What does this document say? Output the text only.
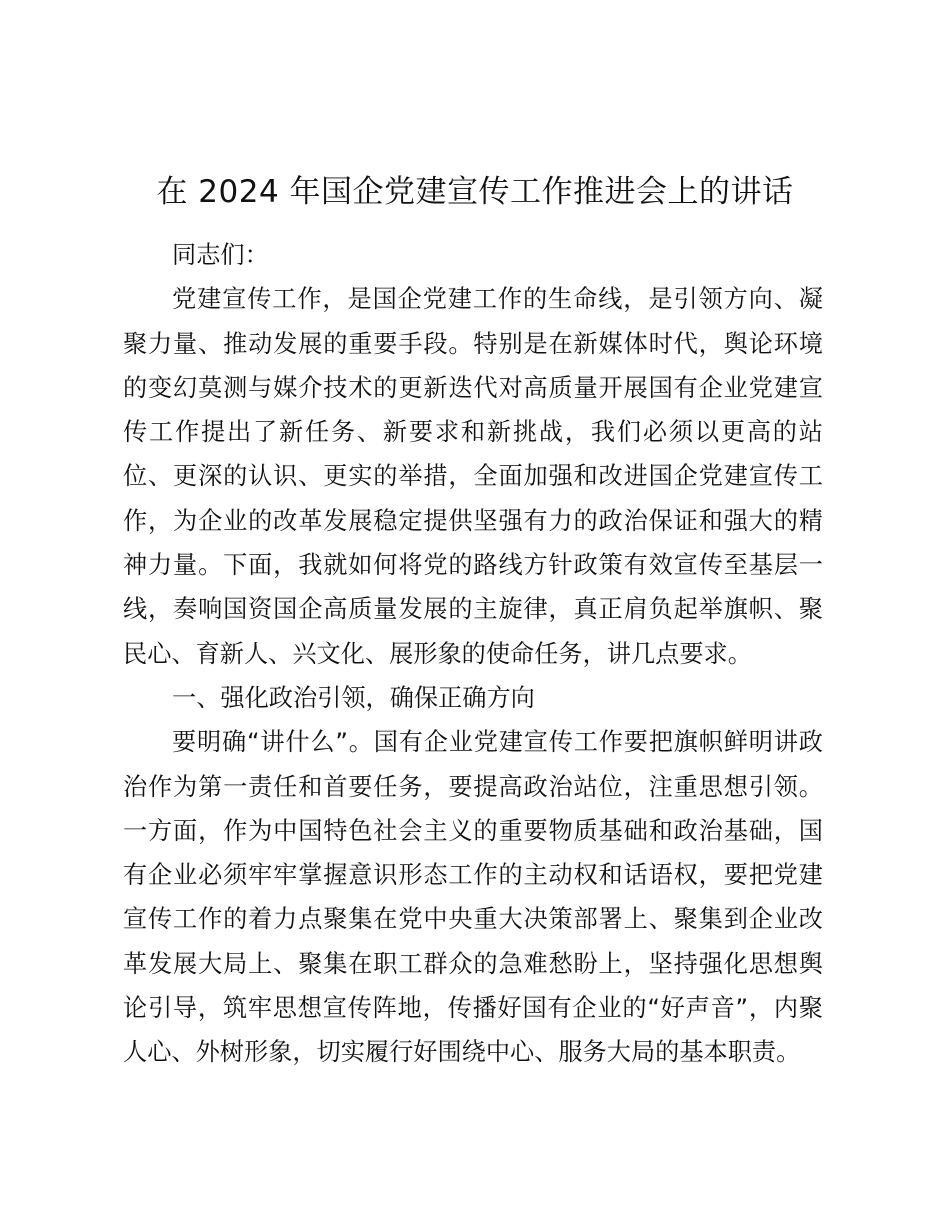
在 2024 年国企党建宣传工作推进会上的讲话
同志们：
党建宣传工作，是国企党建工作的生命线，是引领方向、凝
聚力量、推动发展的重要手段。特别是在新媒体时代，舆论环境
的变幻莫测与媒介技术的更新迭代对高质量开展国有企业党建宣
传工作提出了新任务、新要求和新挑战，我们必须以更高的站
位、更深的认识、更实的举措，全面加强和改进国企党建宣传工
作，为企业的改革发展稳定提供坚强有力的政治保证和强大的精
神力量。下面，我就如何将党的路线方针政策有效宣传至基层一
线，奏响国资国企高质量发展的主旋律，真正肩负起举旗帜、聚
民心、育新人、兴文化、展形象的使命任务，讲几点要求。
一、强化政治引领，确保正确方向
要明确“讲什么”。国有企业党建宣传工作要把旗帜鲜明讲政
治作为第一责任和首要任务，要提高政治站位，注重思想引领。
一方面，作为中国特色社会主义的重要物质基础和政治基础，国
有企业必须牢牢掌握意识形态工作的主动权和话语权，要把党建
宣传工作的着力点聚集在党中央重大决策部署上、聚集到企业改
革发展大局上、聚集在职工群众的急难愁盼上，坚持强化思想舆
论引导，筑牢思想宣传阵地，传播好国有企业的“好声音”，内聚
人心、外树形象，切实履行好围绕中心、服务大局的基本职责。
